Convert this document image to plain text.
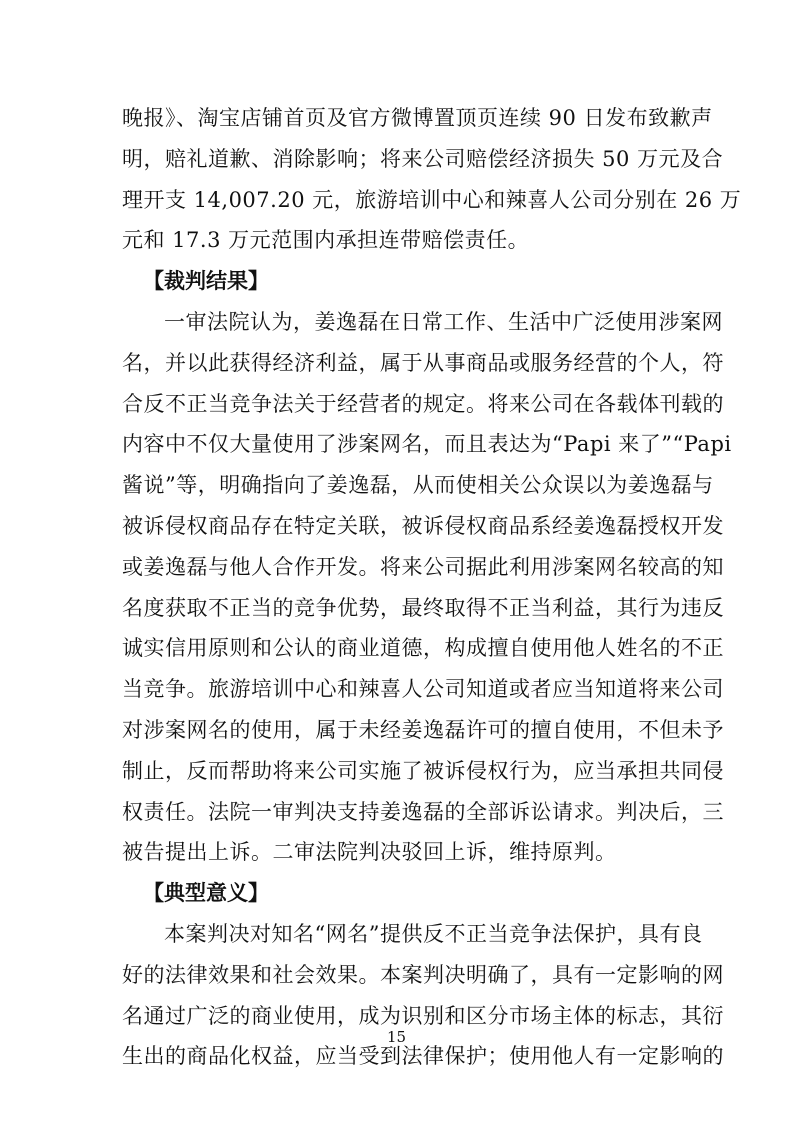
晚报》、淘宝店铺首页及官方微博置顶页连续 90 日发布致歉声
明，赔礼道歉、消除影响；将来公司赔偿经济损失 50 万元及合
理开支 14,007.20 元，旅游培训中心和辣喜人公司分别在 26 万
元和 17.3 万元范围内承担连带赔偿责任。
【裁判结果】
一审法院认为，姜逸磊在日常工作、生活中广泛使用涉案网
名，并以此获得经济利益，属于从事商品或服务经营的个人，符
合反不正当竞争法关于经营者的规定。将来公司在各载体刊载的
内容中不仅大量使用了涉案网名，而且表达为“Papi 来了”“Papi
酱说”等，明确指向了姜逸磊，从而使相关公众误以为姜逸磊与
被诉侵权商品存在特定关联，被诉侵权商品系经姜逸磊授权开发
或姜逸磊与他人合作开发。将来公司据此利用涉案网名较高的知
名度获取不正当的竞争优势，最终取得不正当利益，其行为违反
诚实信用原则和公认的商业道德，构成擅自使用他人姓名的不正
当竞争。旅游培训中心和辣喜人公司知道或者应当知道将来公司
对涉案网名的使用，属于未经姜逸磊许可的擅自使用，不但未予
制止，反而帮助将来公司实施了被诉侵权行为，应当承担共同侵
权责任。法院一审判决支持姜逸磊的全部诉讼请求。判决后，三
被告提出上诉。二审法院判决驳回上诉，维持原判。
【典型意义】
本案判决对知名“网名”提供反不正当竞争法保护，具有良
好的法律效果和社会效果。本案判决明确了，具有一定影响的网
名通过广泛的商业使用，成为识别和区分市场主体的标志，其衍
生出的商品化权益，应当受到法律保护；使用他人有一定影响的
15
